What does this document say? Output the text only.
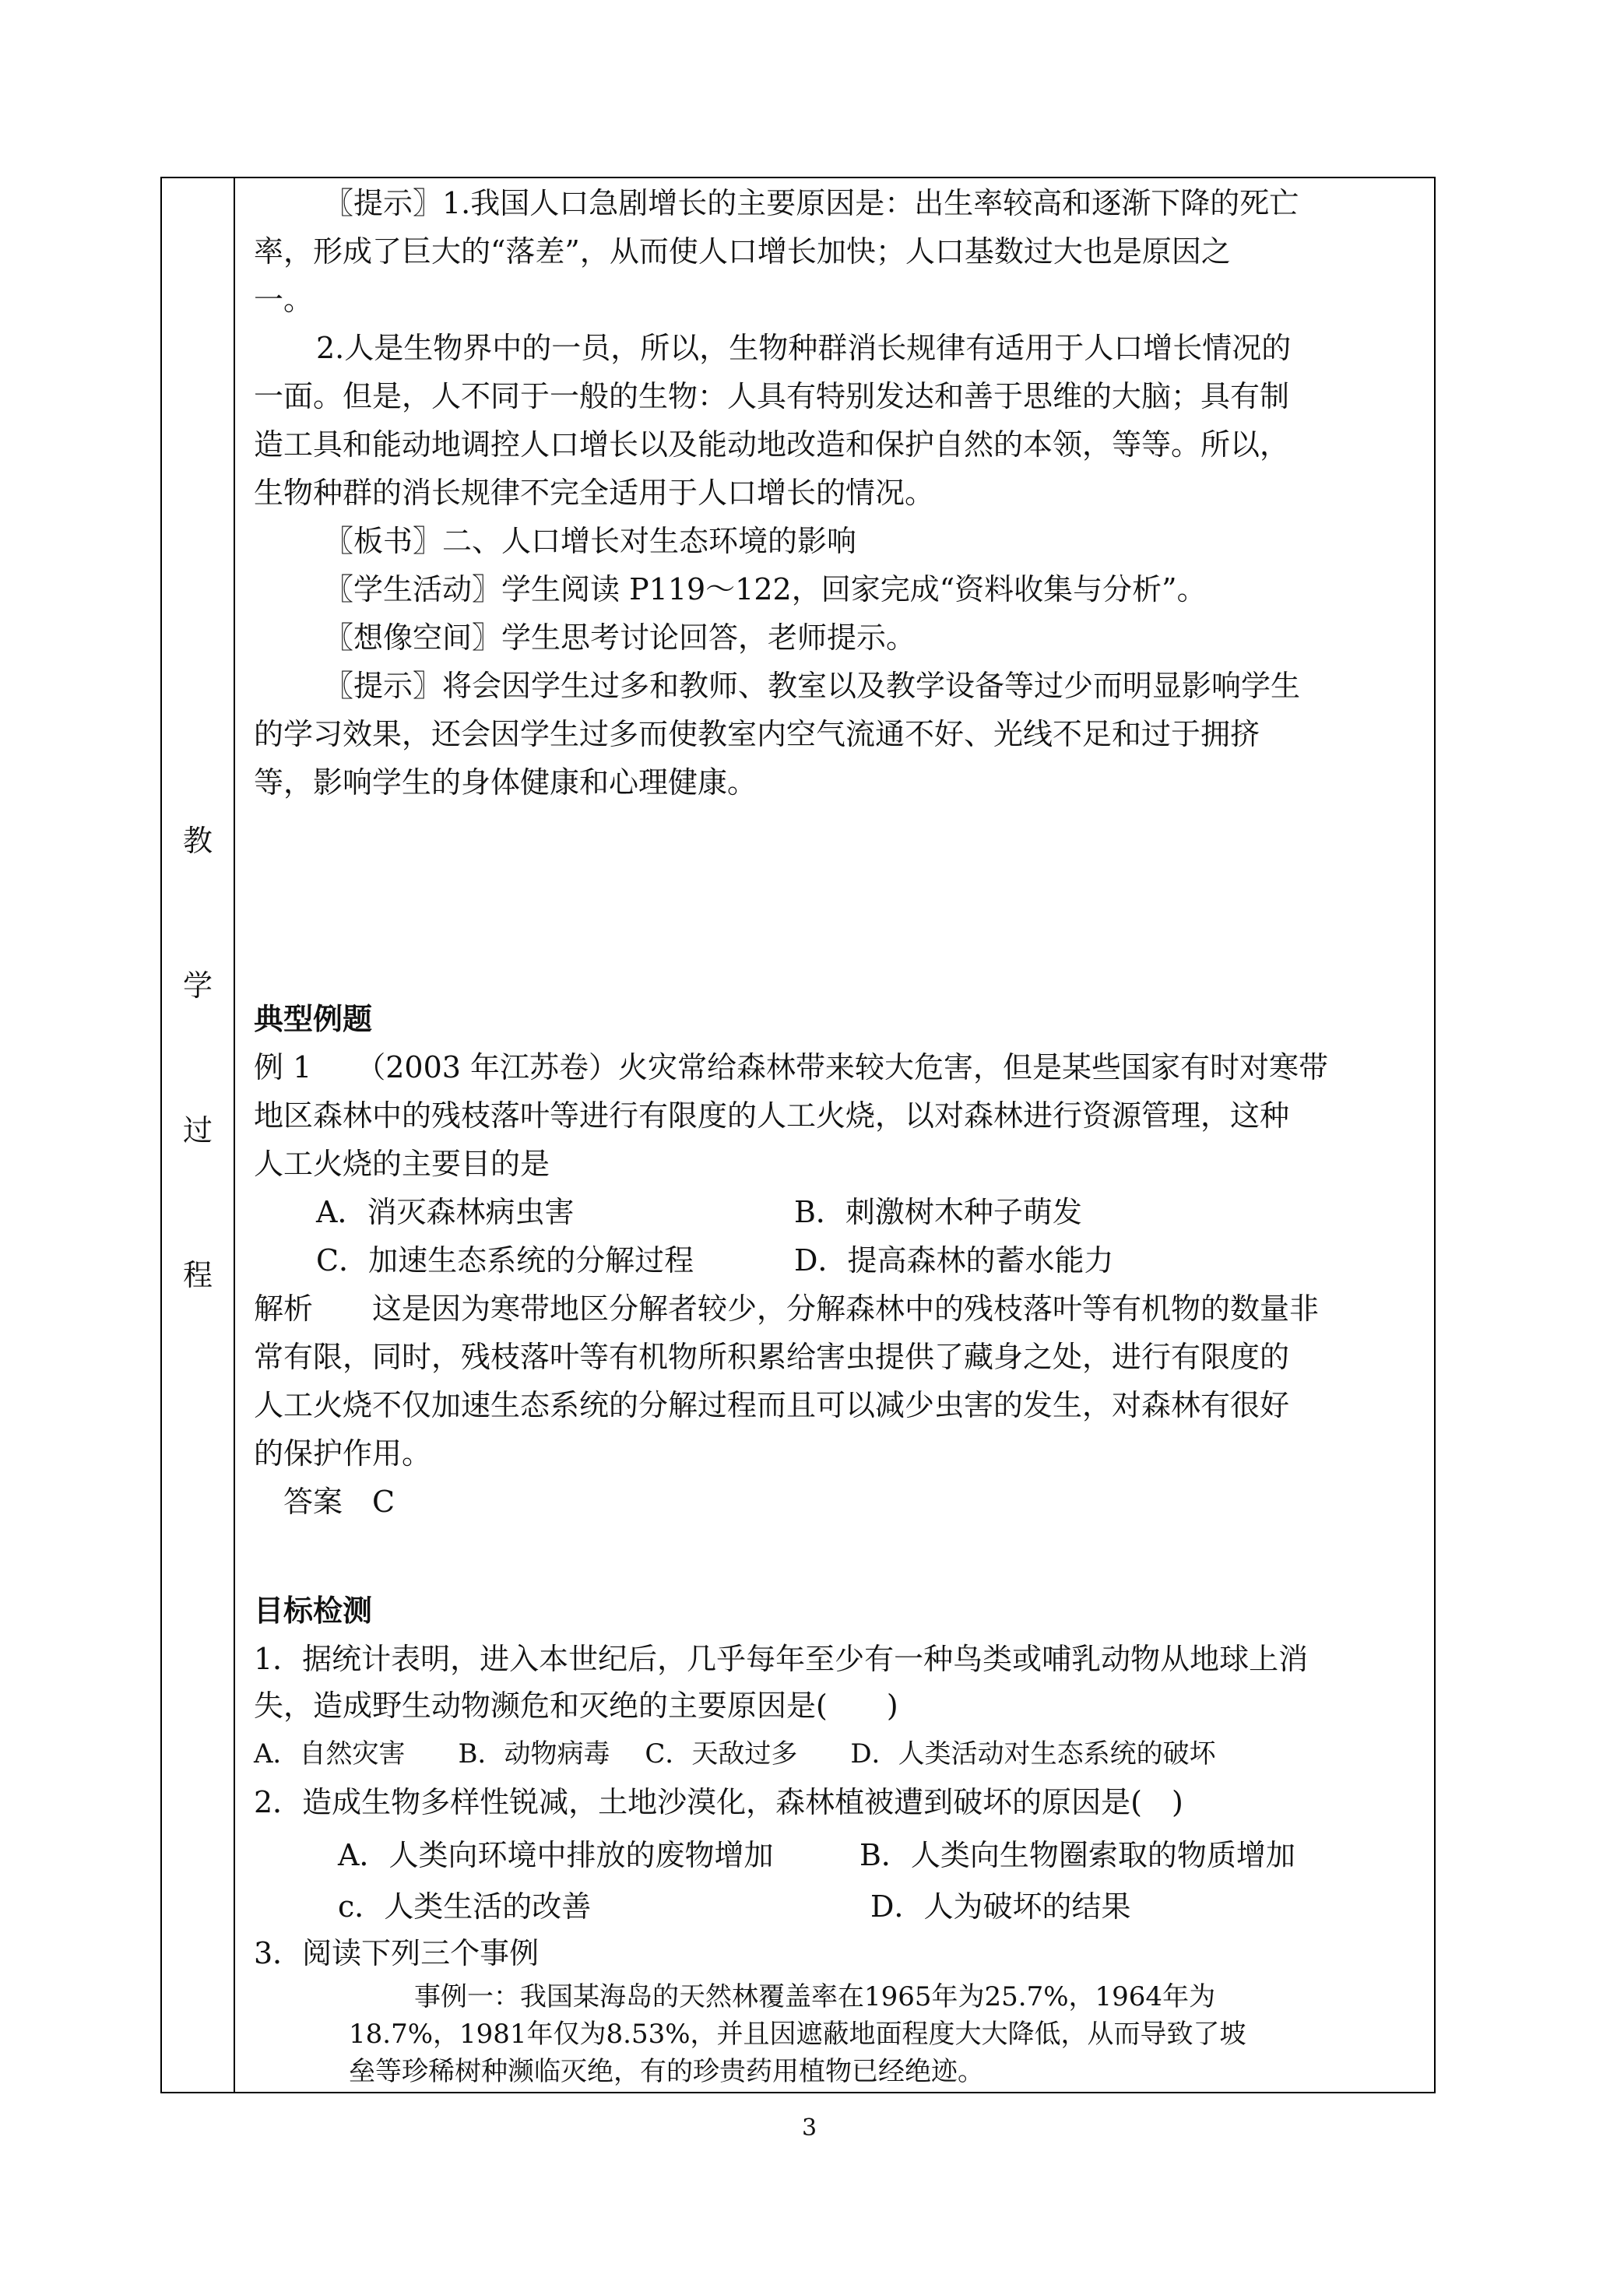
教
学
过
程
〖提示〗1.我国人口急剧增长的主要原因是：出生率较高和逐渐下降的死亡
率，形成了巨大的“落差”，从而使人口增长加快；人口基数过大也是原因之
一。
2.人是生物界中的一员，所以，生物种群消长规律有适用于人口增长情况的
一面。但是，人不同于一般的生物：人具有特别发达和善于思维的大脑；具有制
造工具和能动地调控人口增长以及能动地改造和保护自然的本领，等等。所以，
生物种群的消长规律不完全适用于人口增长的情况。
〖板书〗二、人口增长对生态环境的影响
〖学生活动〗学生阅读 P119～122，回家完成“资料收集与分析”。
〖想像空间〗学生思考讨论回答，老师提示。
〖提示〗将会因学生过多和教师、教室以及教学设备等过少而明显影响学生
的学习效果，还会因学生过多而使教室内空气流通不好、光线不足和过于拥挤
等，影响学生的身体健康和心理健康。
典型例题
例 1　　（2003 年江苏卷）火灾常给森林带来较大危害，但是某些国家有时对寒带
地区森林中的残枝落叶等进行有限度的人工火烧，以对森林进行资源管理，这种
人工火烧的主要目的是
A．消灭森林病虫害	B．刺激树木种子萌发
C．加速生态系统的分解过程	D．提高森林的蓄水能力
解析　　这是因为寒带地区分解者较少，分解森林中的残枝落叶等有机物的数量非
常有限，同时，残枝落叶等有机物所积累给害虫提供了藏身之处，进行有限度的
人工火烧不仅加速生态系统的分解过程而且可以减少虫害的发生，对森林有很好
的保护作用。
答案　C
目标检测
1．据统计表明，进入本世纪后，几乎每年至少有一种鸟类或哺乳动物从地球上消
失，造成野生动物濒危和灭绝的主要原因是(　　)
A．自然灾害　　B．动物病毒　 C．天敌过多　　D．人类活动对生态系统的破坏
2．造成生物多样性锐减，土地沙漠化，森林植被遭到破坏的原因是(　)
A．人类向环境中排放的废物增加	B．人类向生物圈索取的物质增加
c．人类生活的改善	D．人为破坏的结果
3．阅读下列三个事例
事例一：我国某海岛的天然林覆盖率在1965年为25.7%，1964年为
18.7%，1981年仅为8.53%，并且因遮蔽地面程度大大降低，从而导致了坡
垒等珍稀树种濒临灭绝，有的珍贵药用植物已经绝迹。
3
